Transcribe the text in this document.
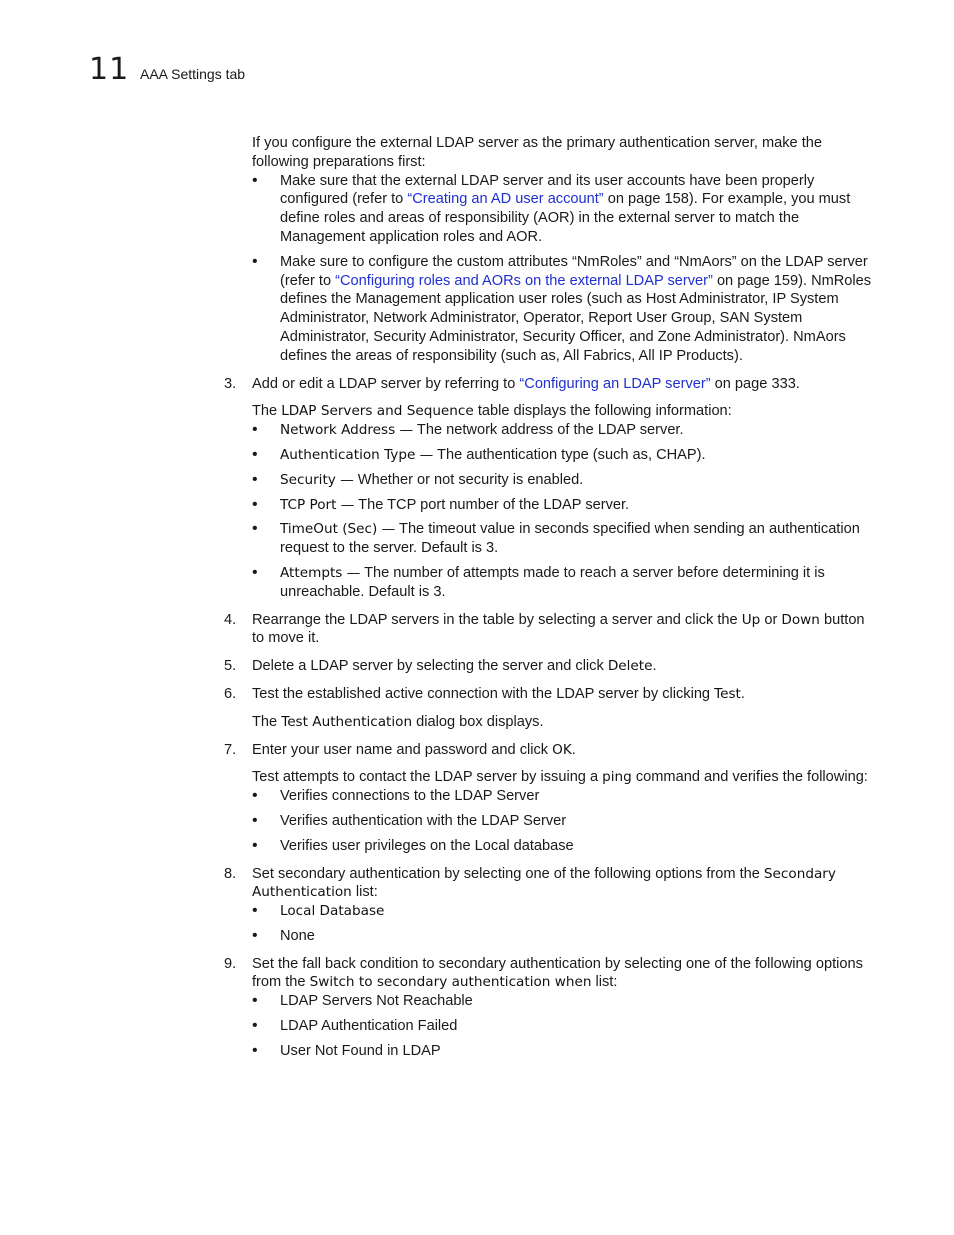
11 AAA Settings tab

If you configure the external LDAP server as the primary authentication server, make the following preparations first:

• Make sure that the external LDAP server and its user accounts have been properly configured (refer to “Creating an AD user account” on page 158). For example, you must define roles and areas of responsibility (AOR) in the external server to match the Management application roles and AOR.
• Make sure to configure the custom attributes “NmRoles” and “NmAors” on the LDAP server (refer to “Configuring roles and AORs on the external LDAP server” on page 159). NmRoles defines the Management application user roles (such as Host Administrator, IP System Administrator, Network Administrator, Operator, Report User Group, SAN System Administrator, Security Administrator, Security Officer, and Zone Administrator). NmAors defines the areas of responsibility (such as, All Fabrics, All IP Products).
3. Add or edit a LDAP server by referring to “Configuring an LDAP server” on page 333.

The LDAP Servers and Sequence table displays the following information:

• Network Address — The network address of the LDAP server.
• Authentication Type — The authentication type (such as, CHAP).
• Security — Whether or not security is enabled.
• TCP Port — The TCP port number of the LDAP server.
• TimeOut (Sec) — The timeout value in seconds specified when sending an authentication request to the server. Default is 3.
• Attempts — The number of attempts made to reach a server before determining it is unreachable. Default is 3.
4. Rearrange the LDAP servers in the table by selecting a server and click the Up or Down button to move it.

5. Delete a LDAP server by selecting the server and click Delete.

6. Test the established active connection with the LDAP server by clicking Test.

The Test Authentication dialog box displays.

7. Enter your user name and password and click OK.

Test attempts to contact the LDAP server by issuing a ping command and verifies the following:

• Verifies connections to the LDAP Server
• Verifies authentication with the LDAP Server
• Verifies user privileges on the Local database
8. Set secondary authentication by selecting one of the following options from the Secondary Authentication list:

• Local Database
• None
9. Set the fall back condition to secondary authentication by selecting one of the following options from the Switch to secondary authentication when list:

• LDAP Servers Not Reachable
• LDAP Authentication Failed
• User Not Found in LDAP
